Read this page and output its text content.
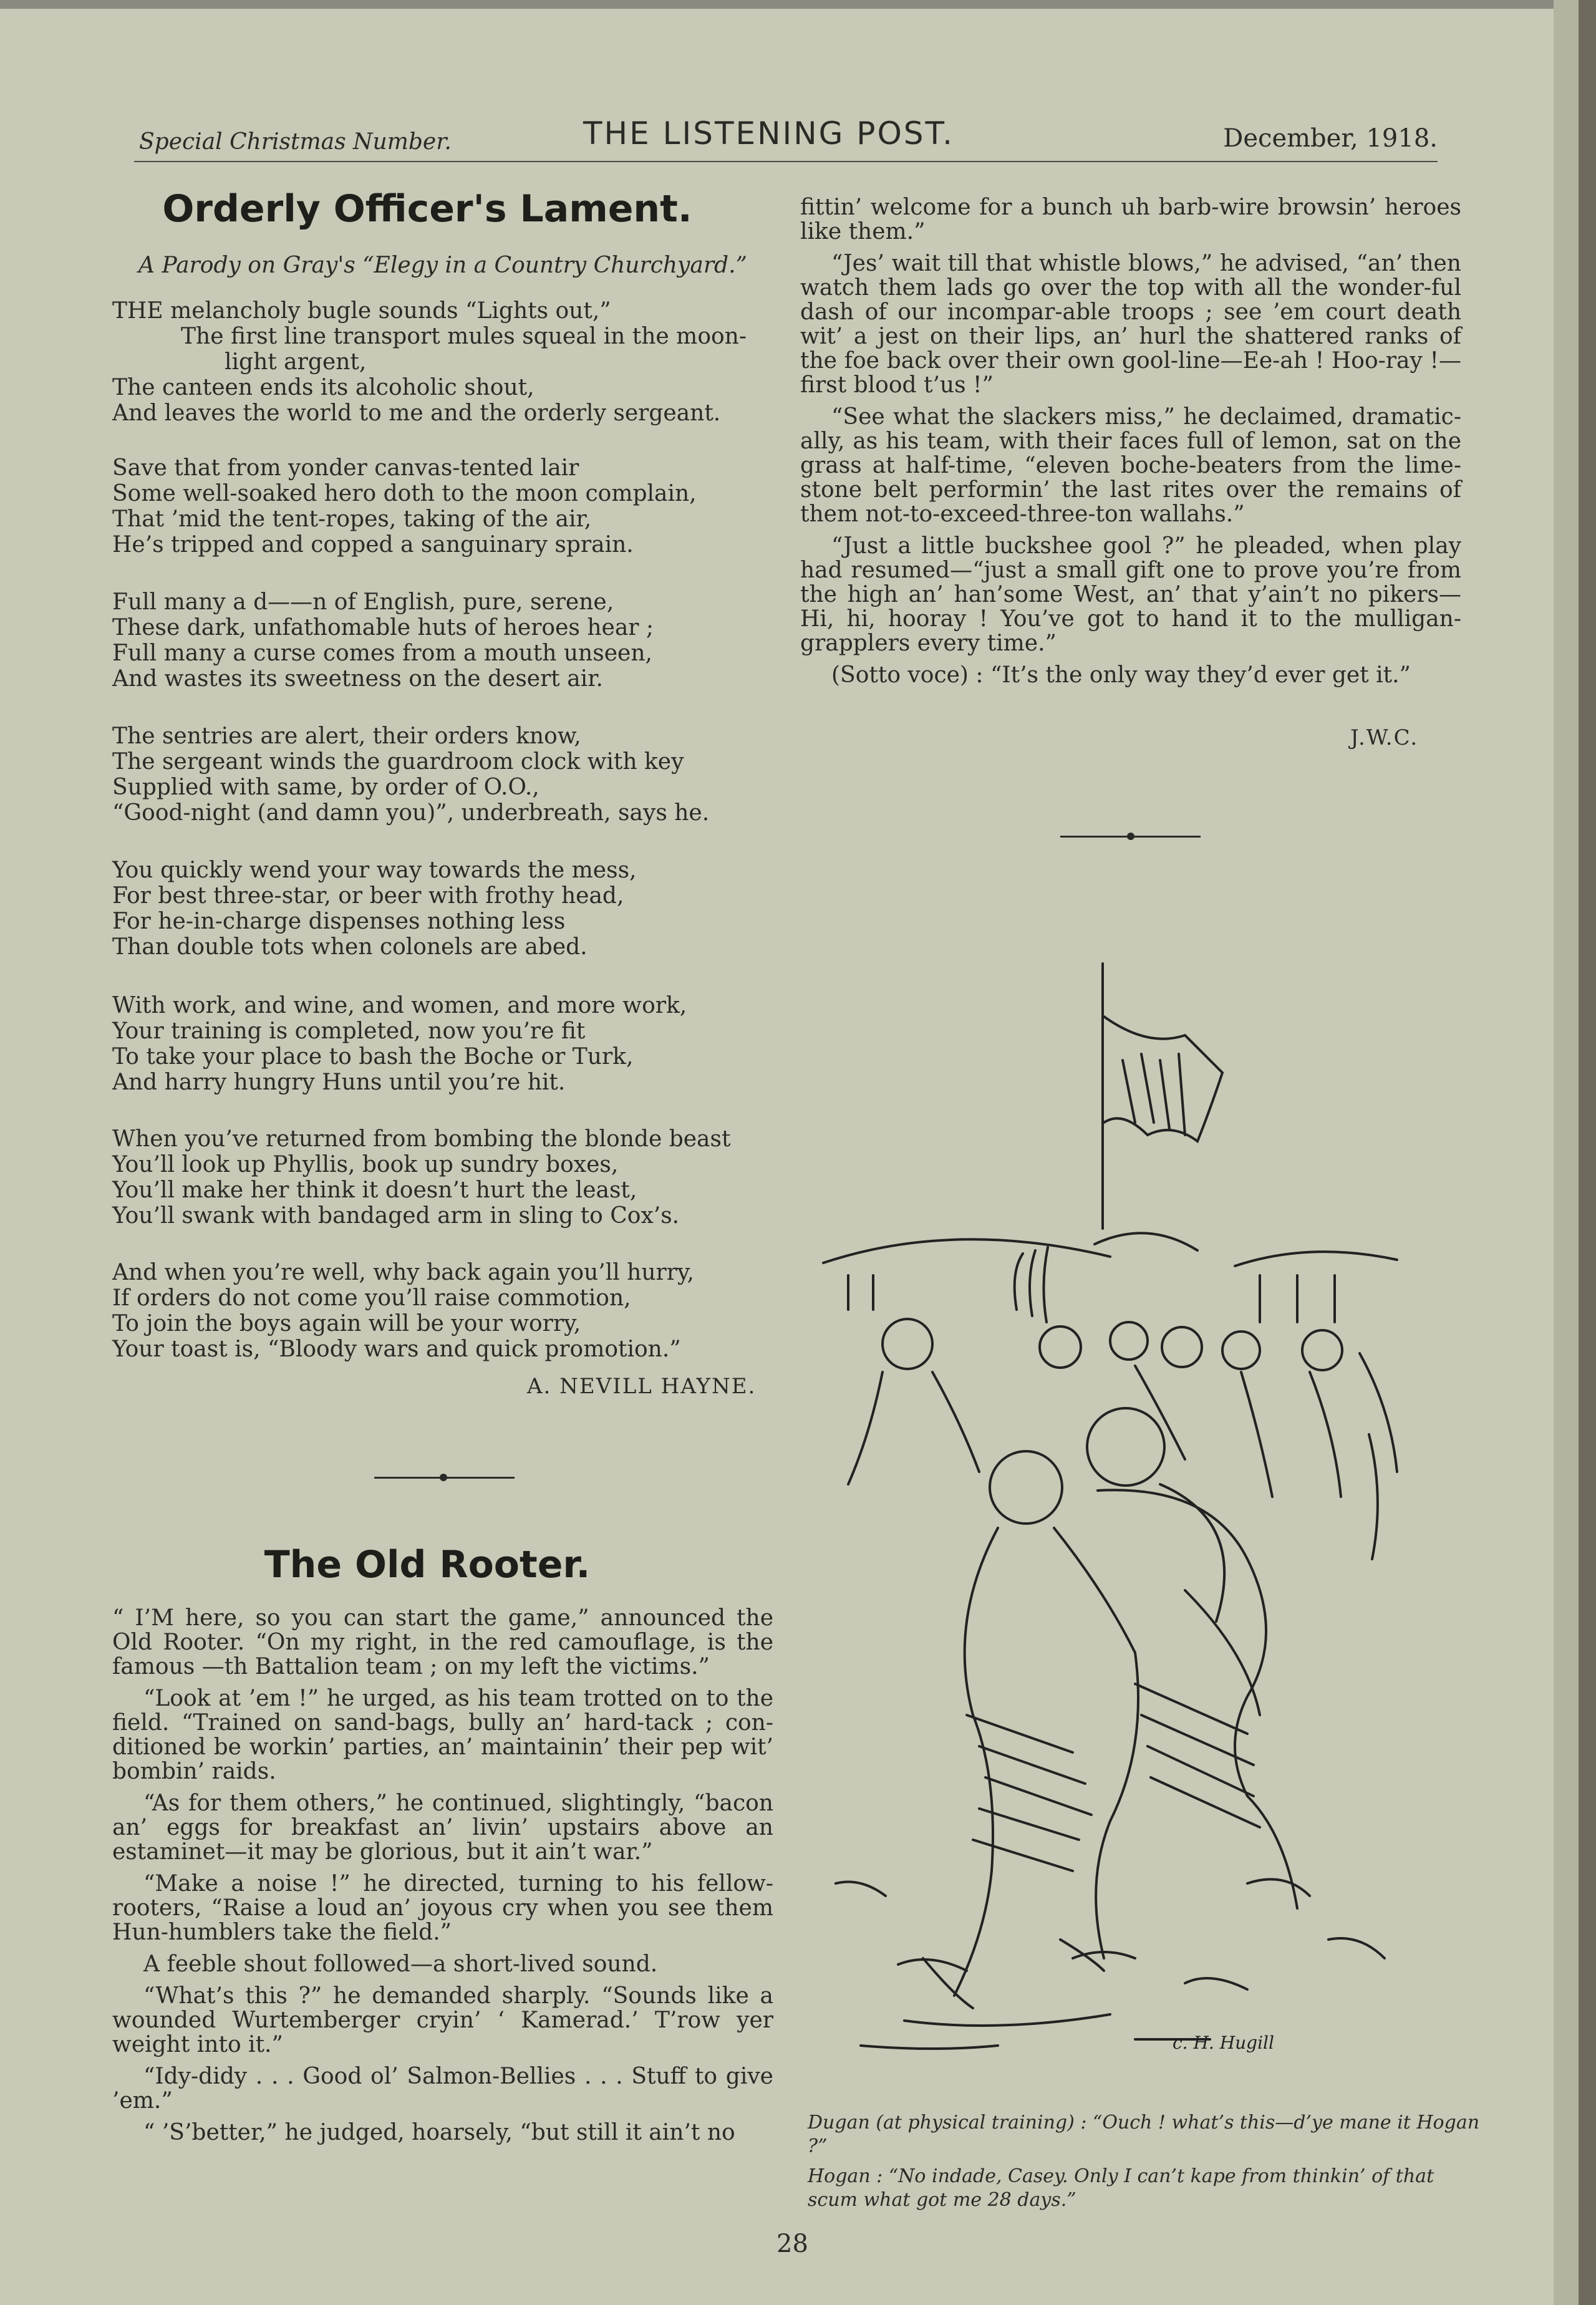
Special Christmas Number.	THE LISTENING POST.	December, 1918.
Orderly Officer's Lament.
A Parody on Gray's “Elegy in a Country Churchyard.”
THE melancholy bugle sounds “Lights out,”
The first line transport mules squeal in the moon-
light argent,
The canteen ends its alcoholic shout,
And leaves the world to me and the orderly sergeant.
Save that from yonder canvas-tented lair
Some well-soaked hero doth to the moon complain,
That ’mid the tent-ropes, taking of the air,
He’s tripped and copped a sanguinary sprain.
Full many a d——n of English, pure, serene,
These dark, unfathomable huts of heroes hear ;
Full many a curse comes from a mouth unseen,
And wastes its sweetness on the desert air.
The sentries are alert, their orders know,
The sergeant winds the guardroom clock with key
Supplied with same, by order of O.O.,
“Good-night (and damn you)”, underbreath, says he.
You quickly wend your way towards the mess,
For best three-star, or beer with frothy head,
For he-in-charge dispenses nothing less
Than double tots when colonels are abed.
With work, and wine, and women, and more work,
Your training is completed, now you’re fit
To take your place to bash the Boche or Turk,
And harry hungry Huns until you’re hit.
When you’ve returned from bombing the blonde beast
You’ll look up Phyllis, book up sundry boxes,
You’ll make her think it doesn’t hurt the least,
You’ll swank with bandaged arm in sling to Cox’s.
And when you’re well, why back again you’ll hurry,
If orders do not come you’ll raise commotion,
To join the boys again will be your worry,
Your toast is, “Bloody wars and quick promotion.”
A. NEVILL HAYNE.
The Old Rooter.

“ I’M here, so you can start the game,” announced the Old Rooter. “On my right, in the red camouflage, is the famous —th Battalion team ; on my left the victims.”

“Look at ’em !” he urged, as his team trotted on to the field. “Trained on sand-bags, bully an’ hard-tack ; con-ditioned be workin’ parties, an’ maintainin’ their pep wit’ bombin’ raids.

“As for them others,” he continued, slightingly, “bacon an’ eggs for breakfast an’ livin’ upstairs above an estaminet—it may be glorious, but it ain’t war.”

“Make a noise !” he directed, turning to his fellow-rooters, “Raise a loud an’ joyous cry when you see them Hun-humblers take the field.”

A feeble shout followed—a short-lived sound.

“What’s this ?” he demanded sharply. “Sounds like a wounded Wurtemberger cryin’ ‘ Kamerad.’ T’row yer weight into it.”

“Idy-didy . . . Good ol’ Salmon-Bellies . . . Stuff to give ’em.”

“ ’S’better,” he judged, hoarsely, “but still it ain’t no

fittin’ welcome for a bunch uh barb-wire browsin’ heroes like them.”

“Jes’ wait till that whistle blows,” he advised, “an’ then watch them lads go over the top with all the wonder-ful dash of our incompar-able troops ; see ’em court death wit’ a jest on their lips, an’ hurl the shattered ranks of the foe back over their own gool-line—Ee-ah ! Hoo-ray !—first blood t’us !”

“See what the slackers miss,” he declaimed, dramatic-ally, as his team, with their faces full of lemon, sat on the grass at half-time, “eleven boche-beaters from the lime-stone belt performin’ the last rites over the remains of them not-to-exceed-three-ton wallahs.”

“Just a little buckshee gool ?” he pleaded, when play had resumed—“just a small gift one to prove you’re from the high an’ han’some West, an’ that y’ain’t no pikers—Hi, hi, hooray ! You’ve got to hand it to the mulligan-grapplers every time.”

(Sotto voce) : “It’s the only way they’d ever get it.”

J.W.C.
c. H. Hugill
Dugan (at physical training) : “Ouch ! what’s this—d’ye mane it Hogan ?”
Hogan : “No indade, Casey. Only I can’t kape from thinkin’ of that scum what got me 28 days.”
28
